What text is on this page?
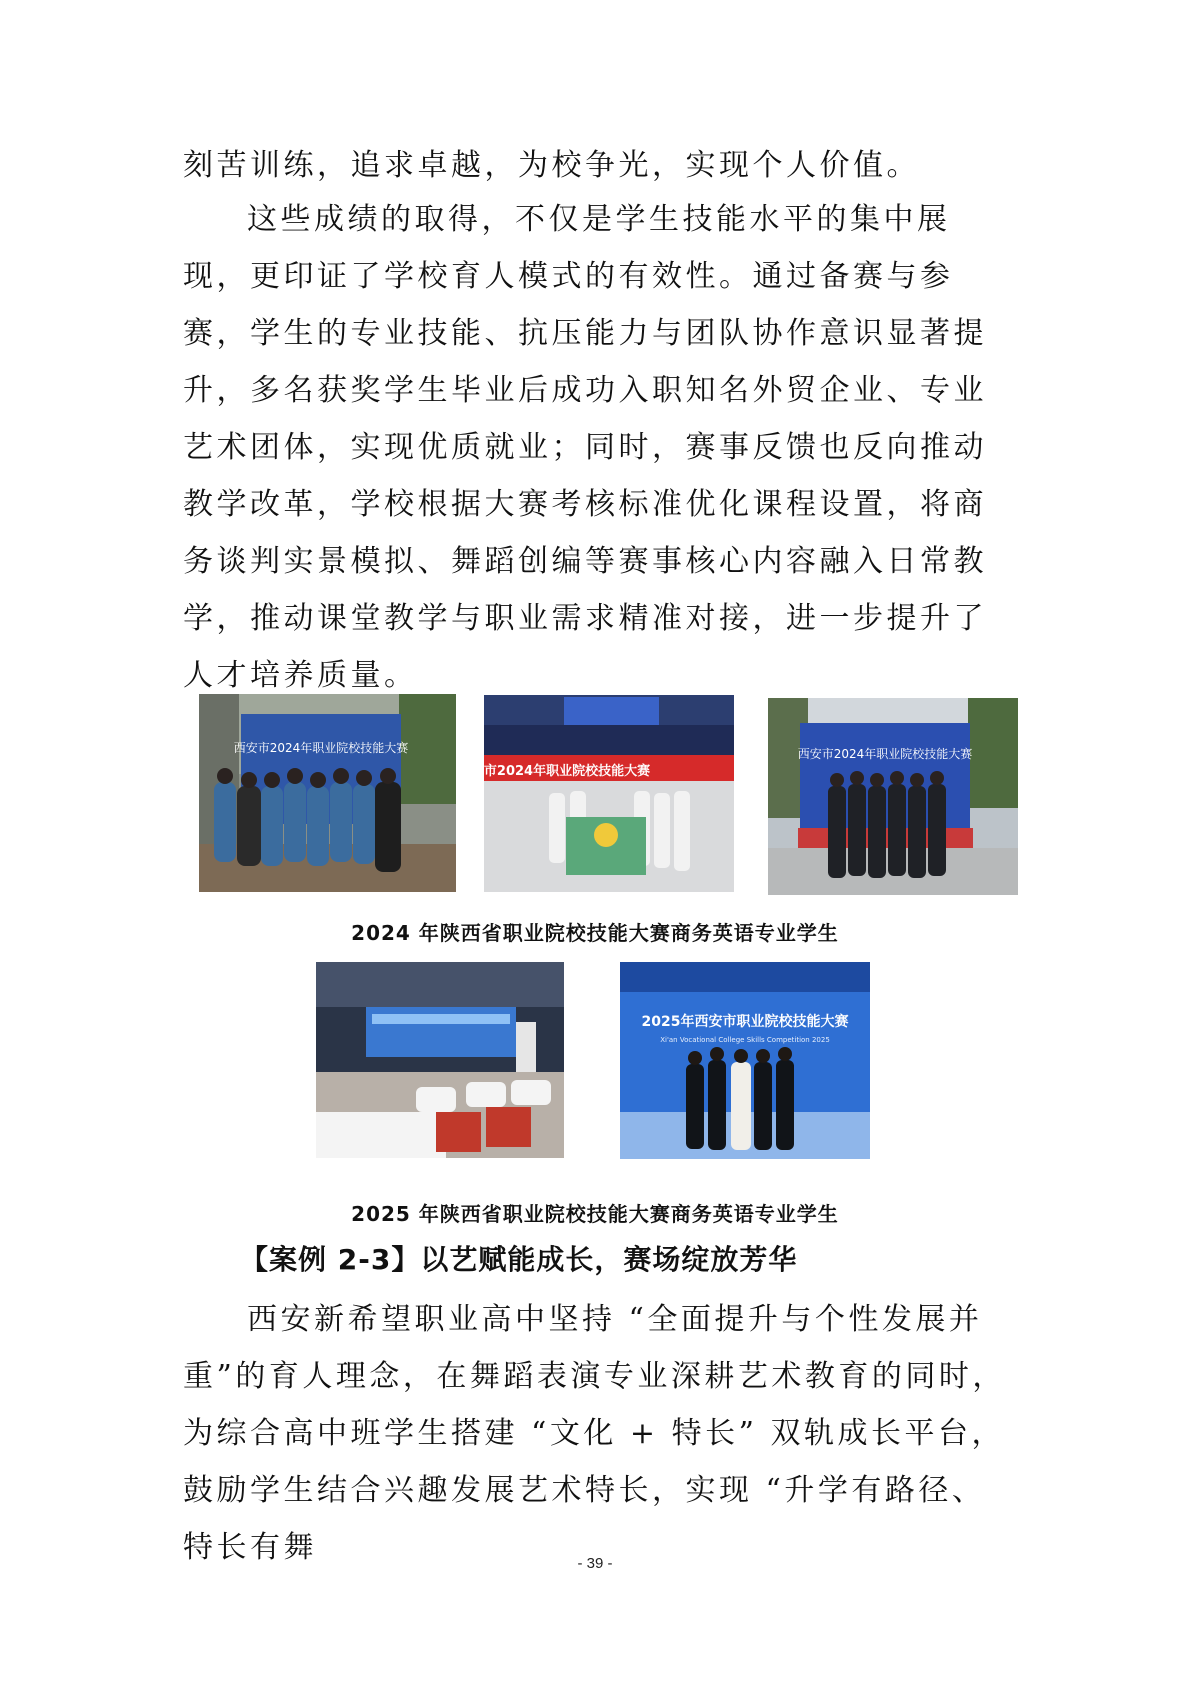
刻苦训练，追求卓越，为校争光，实现个人价值。

这些成绩的取得，不仅是学生技能水平的集中展现，更印证了学校育人模式的有效性。通过备赛与参赛，学生的专业技能、抗压能力与团队协作意识显著提升，多名获奖学生毕业后成功入职知名外贸企业、专业艺术团体，实现优质就业；同时，赛事反馈也反向推动教学改革，学校根据大赛考核标准优化课程设置，将商务谈判实景模拟、舞蹈创编等赛事核心内容融入日常教学，推动课堂教学与职业需求精准对接，进一步提升了人才培养质量。

西安市2024年职业院校技能大赛
西安市2024年职业院校技能大赛
西安市2024年职业院校技能大赛
2024 年陕西省职业院校技能大赛商务英语专业学生
2025年西安市职业院校技能大赛
Xi'an Vocational College Skills Competition 2025
2025 年陕西省职业院校技能大赛商务英语专业学生
【案例 2-3】以艺赋能成长，赛场绽放芳华

西安新希望职业高中坚持 “全面提升与个性发展并重”的育人理念，在舞蹈表演专业深耕艺术教育的同时，为综合高中班学生搭建 “文化 + 特长” 双轨成长平台，鼓励学生结合兴趣发展艺术特长，实现 “升学有路径、特长有舞	- 39 -
